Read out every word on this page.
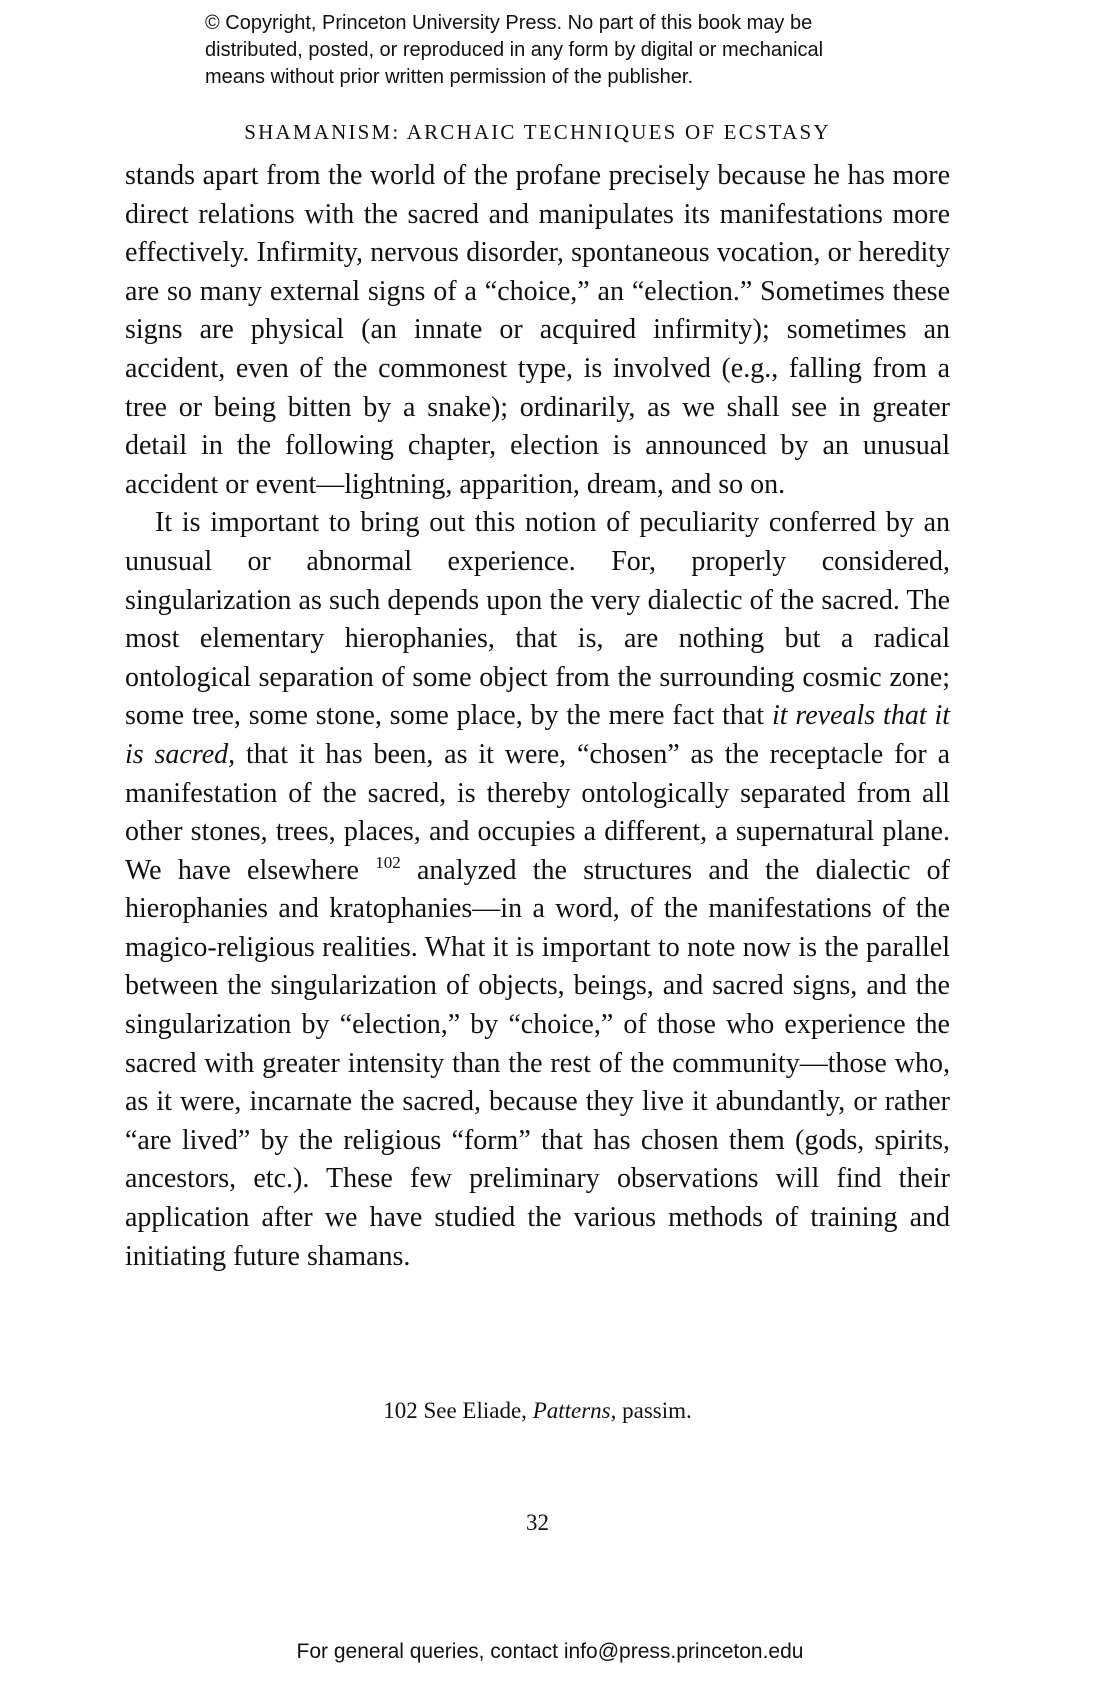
© Copyright, Princeton University Press. No part of this book may be
distributed, posted, or reproduced in any form by digital or mechanical
means without prior written permission of the publisher.
SHAMANISM: ARCHAIC TECHNIQUES OF ECSTASY

stands apart from the world of the profane precisely because he has more direct relations with the sacred and manipulates its manifestations more effectively. Infirmity, nervous disorder, spontaneous vocation, or heredity are so many external signs of a “choice,” an “election.” Sometimes these signs are physical (an innate or acquired infirmity); sometimes an accident, even of the commonest type, is involved (e.g., falling from a tree or being bitten by a snake); ordinarily, as we shall see in greater detail in the following chapter, election is announced by an unusual accident or event—lightning, apparition, dream, and so on.

It is important to bring out this notion of peculiarity conferred by an unusual or abnormal experience. For, properly considered, singularization as such depends upon the very dialectic of the sacred. The most elementary hierophanies, that is, are nothing but a radical ontological separation of some object from the surrounding cosmic zone; some tree, some stone, some place, by the mere fact that it reveals that it is sacred, that it has been, as it were, “chosen” as the receptacle for a manifestation of the sacred, is thereby ontologically separated from all other stones, trees, places, and occupies a different, a supernatural plane. We have elsewhere $^{102}$ analyzed the structures and the dialectic of hierophanies and kratophanies—in a word, of the manifestations of the magico-religious realities. What it is important to note now is the parallel between the singularization of objects, beings, and sacred signs, and the singularization by “election,” by “choice,” of those who experience the sacred with greater intensity than the rest of the community—those who, as it were, incarnate the sacred, because they live it abundantly, or rather “are lived” by the religious “form” that has chosen them (gods, spirits, ancestors, etc.). These few preliminary observations will find their application after we have studied the various methods of training and initiating future shamans.

102 See Eliade, Patterns, passim.
32
For general queries, contact info@press.princeton.edu
